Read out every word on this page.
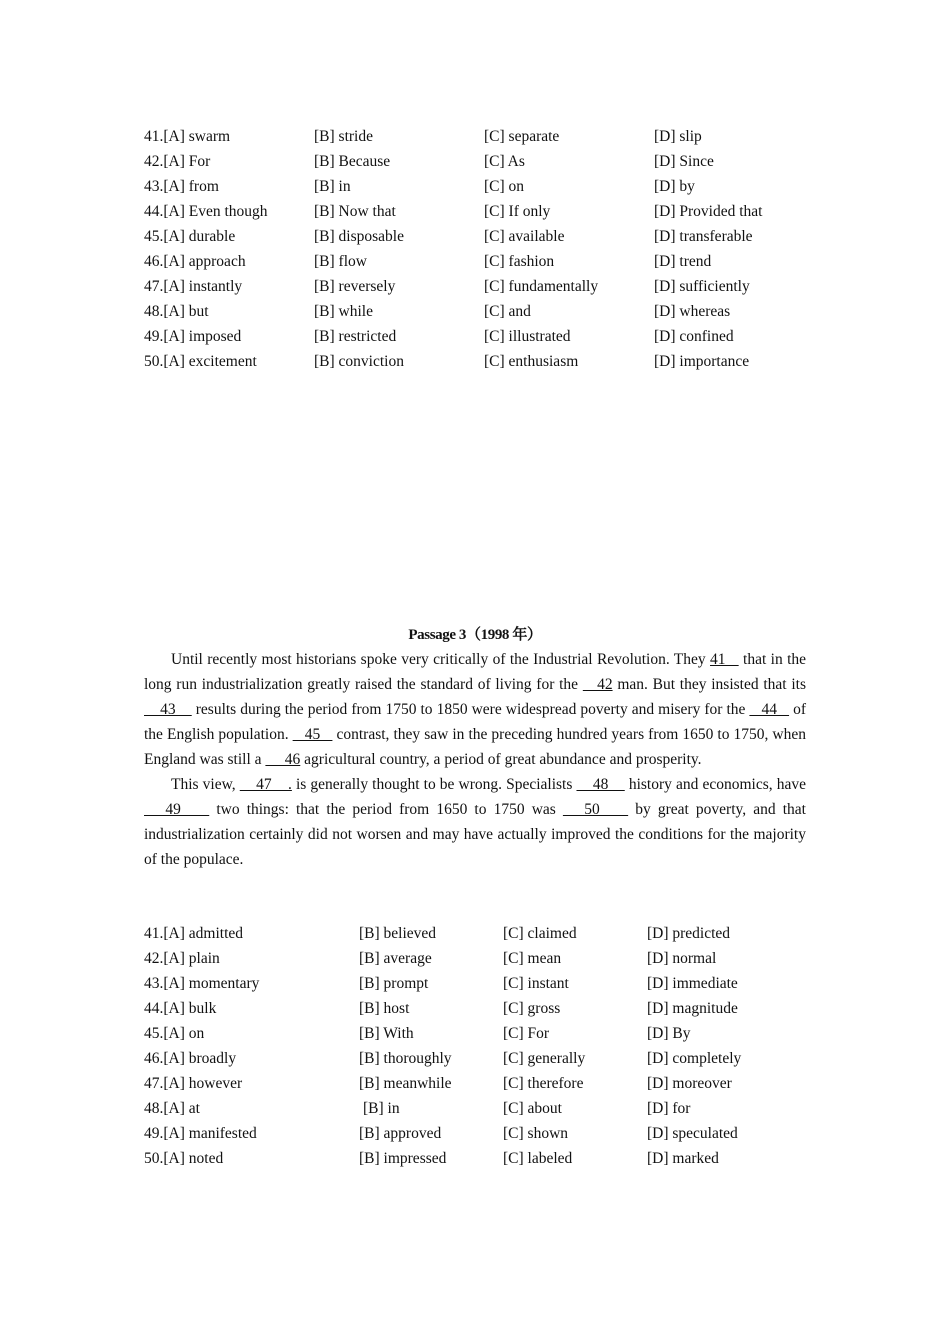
41.[A] swarm	[B] stride	[C] separate	[D] slip
42.[A] For	[B] Because	[C] As	[D] Since
43.[A] from	[B] in	[C] on	[D] by
44.[A] Even though	[B] Now that	[C] If only	[D] Provided that
45.[A] durable	[B] disposable	[C] available	[D] transferable
46.[A] approach	[B] flow	[C] fashion	[D] trend
47.[A] instantly	[B] reversely	[C] fundamentally	[D] sufficiently
48.[A] but	[B] while	[C] and	[D] whereas
49.[A] imposed	[B] restricted	[C] illustrated	[D] confined
50.[A] excitement	[B] conviction	[C] enthusiasm	[D] importance
Passage 3（1998 年）

Until recently most historians spoke very critically of the Industrial Revolution. They 41    that in the long run industrialization greatly raised the standard of living for the    42 man. But they insisted that its     43     results during the period from 1750 to 1850 were widespread poverty and misery for the    44    of the English population.    45    contrast, they saw in the preceding hundred years from 1650 to 1750, when England was still a      46 agricultural country, a period of great abundance and prosperity.

This view,     47    . is generally thought to be wrong. Specialists     48     history and economics, have    49     two things: that the period from 1650 to 1750 was    50     by great poverty, and that industrialization certainly did not worsen and may have actually improved the conditions for the majority of the populace.

41.[A] admitted	[B] believed	[C] claimed	[D] predicted
42.[A] plain	[B] average	[C] mean	[D] normal
43.[A] momentary	[B] prompt	[C] instant	[D] immediate
44.[A] bulk	[B] host	[C] gross	[D] magnitude
45.[A] on	[B] With	[C] For	[D] By
46.[A] broadly	[B] thoroughly	[C] generally	[D] completely
47.[A] however	[B] meanwhile	[C] therefore	[D] moreover
48.[A] at	[B] in	[C] about	[D] for
49.[A] manifested	[B] approved	[C] shown	[D] speculated
50.[A] noted	[B] impressed	[C] labeled	[D] marked
